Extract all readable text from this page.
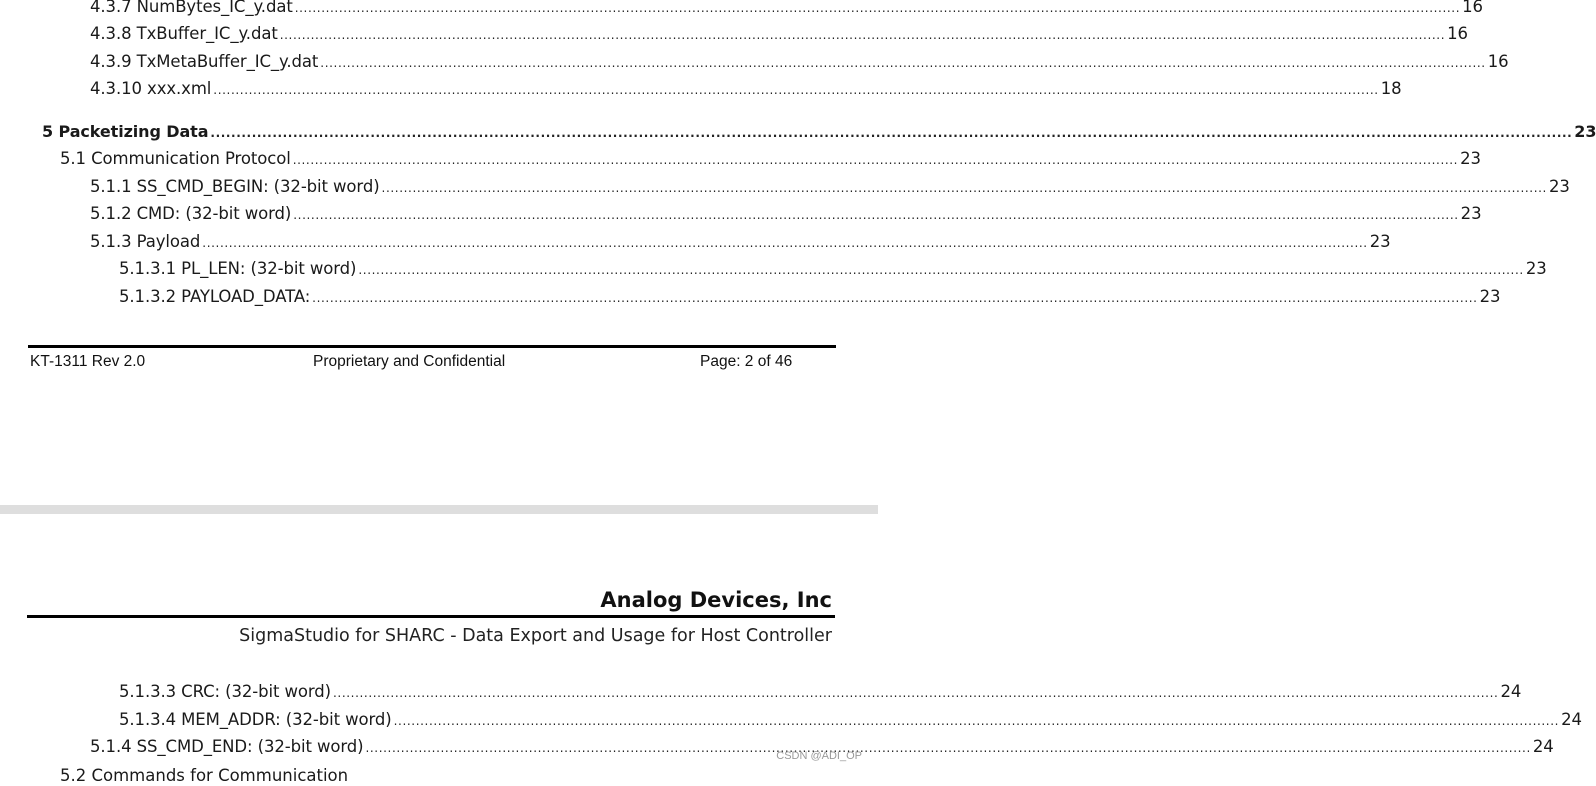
4.3.7 NumBytes_IC_y.dat .....	16
4.3.8 TxBuffer_IC_y.dat .....	16
4.3.9 TxMetaBuffer_IC_y.dat .....	16
4.3.10 xxx.xml .....	18
5 Packetizing Data .....	23
5.1 Communication Protocol .....	23
5.1.1 SS_CMD_BEGIN: (32-bit word) .....	23
5.1.2 CMD: (32-bit word) .....	23
5.1.3 Payload .....	23
5.1.3.1 PL_LEN: (32-bit word) .....	23
5.1.3.2 PAYLOAD_DATA: .....	23
KT-1311 Rev 2.0	Proprietary and Confidential	Page: 2 of 46
Analog Devices, Inc
SigmaStudio for SHARC - Data Export and Usage for Host Controller
5.1.3.3 CRC: (32-bit word) .....	24
5.1.3.4 MEM_ADDR: (32-bit word) .....	24
5.1.4 SS_CMD_END: (32-bit word) .....	24
5.2 Commands for Communication
CSDN @ADI_OP
